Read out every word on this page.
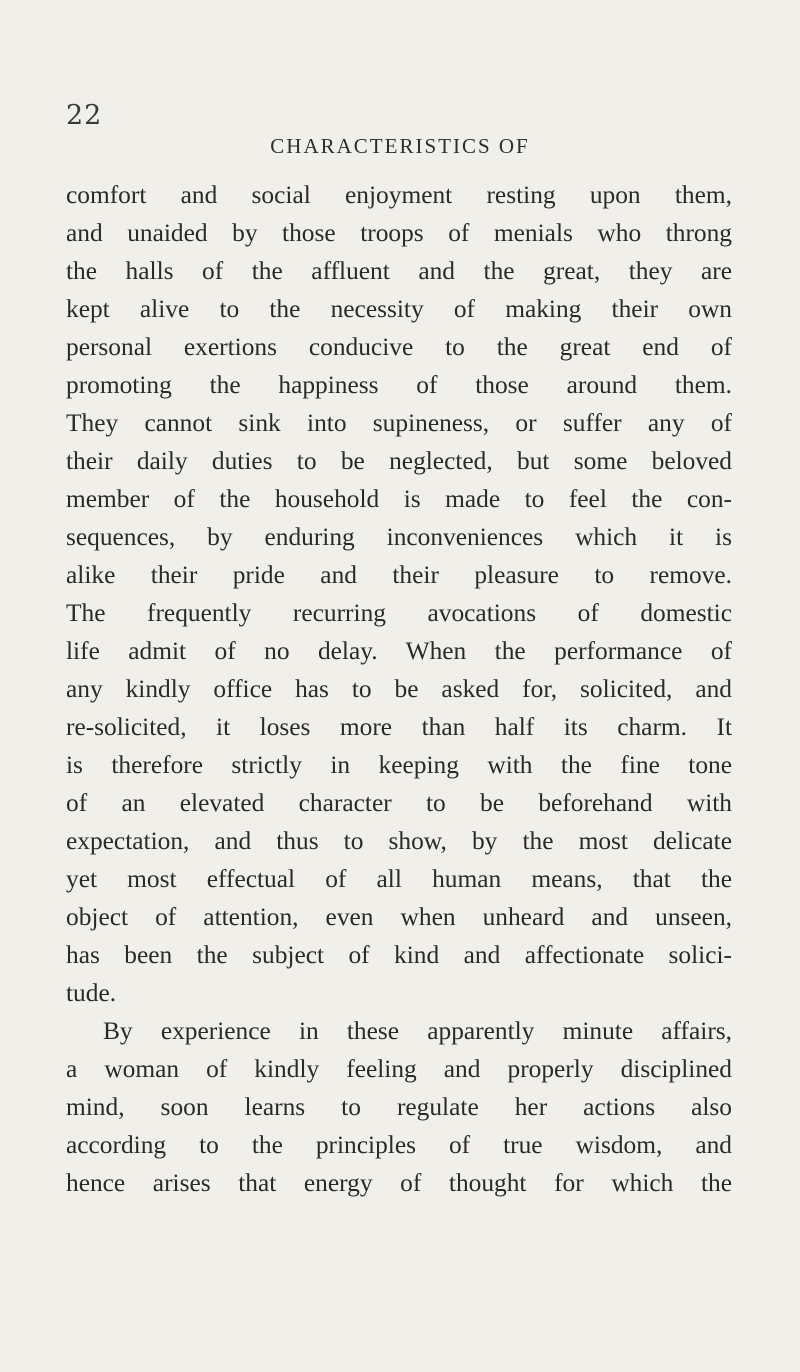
22
CHARACTERISTICS OF
comfort and social enjoyment resting upon them,
and unaided by those troops of menials who throng
the halls of the affluent and the great, they are
kept alive to the necessity of making their own
personal exertions conducive to the great end of
promoting the happiness of those around them.
They cannot sink into supineness, or suffer any of
their daily duties to be neglected, but some beloved
member of the household is made to feel the con-
sequences, by enduring inconveniences which it is
alike their pride and their pleasure to remove.
The frequently recurring avocations of domestic
life admit of no delay. When the performance of
any kindly office has to be asked for, solicited, and
re-solicited, it loses more than half its charm. It
is therefore strictly in keeping with the fine tone
of an elevated character to be beforehand with
expectation, and thus to show, by the most delicate
yet most effectual of all human means, that the
object of attention, even when unheard and unseen,
has been the subject of kind and affectionate solici-
tude.
By experience in these apparently minute affairs,
a woman of kindly feeling and properly disciplined
mind, soon learns to regulate her actions also
according to the principles of true wisdom, and
hence arises that energy of thought for which the
